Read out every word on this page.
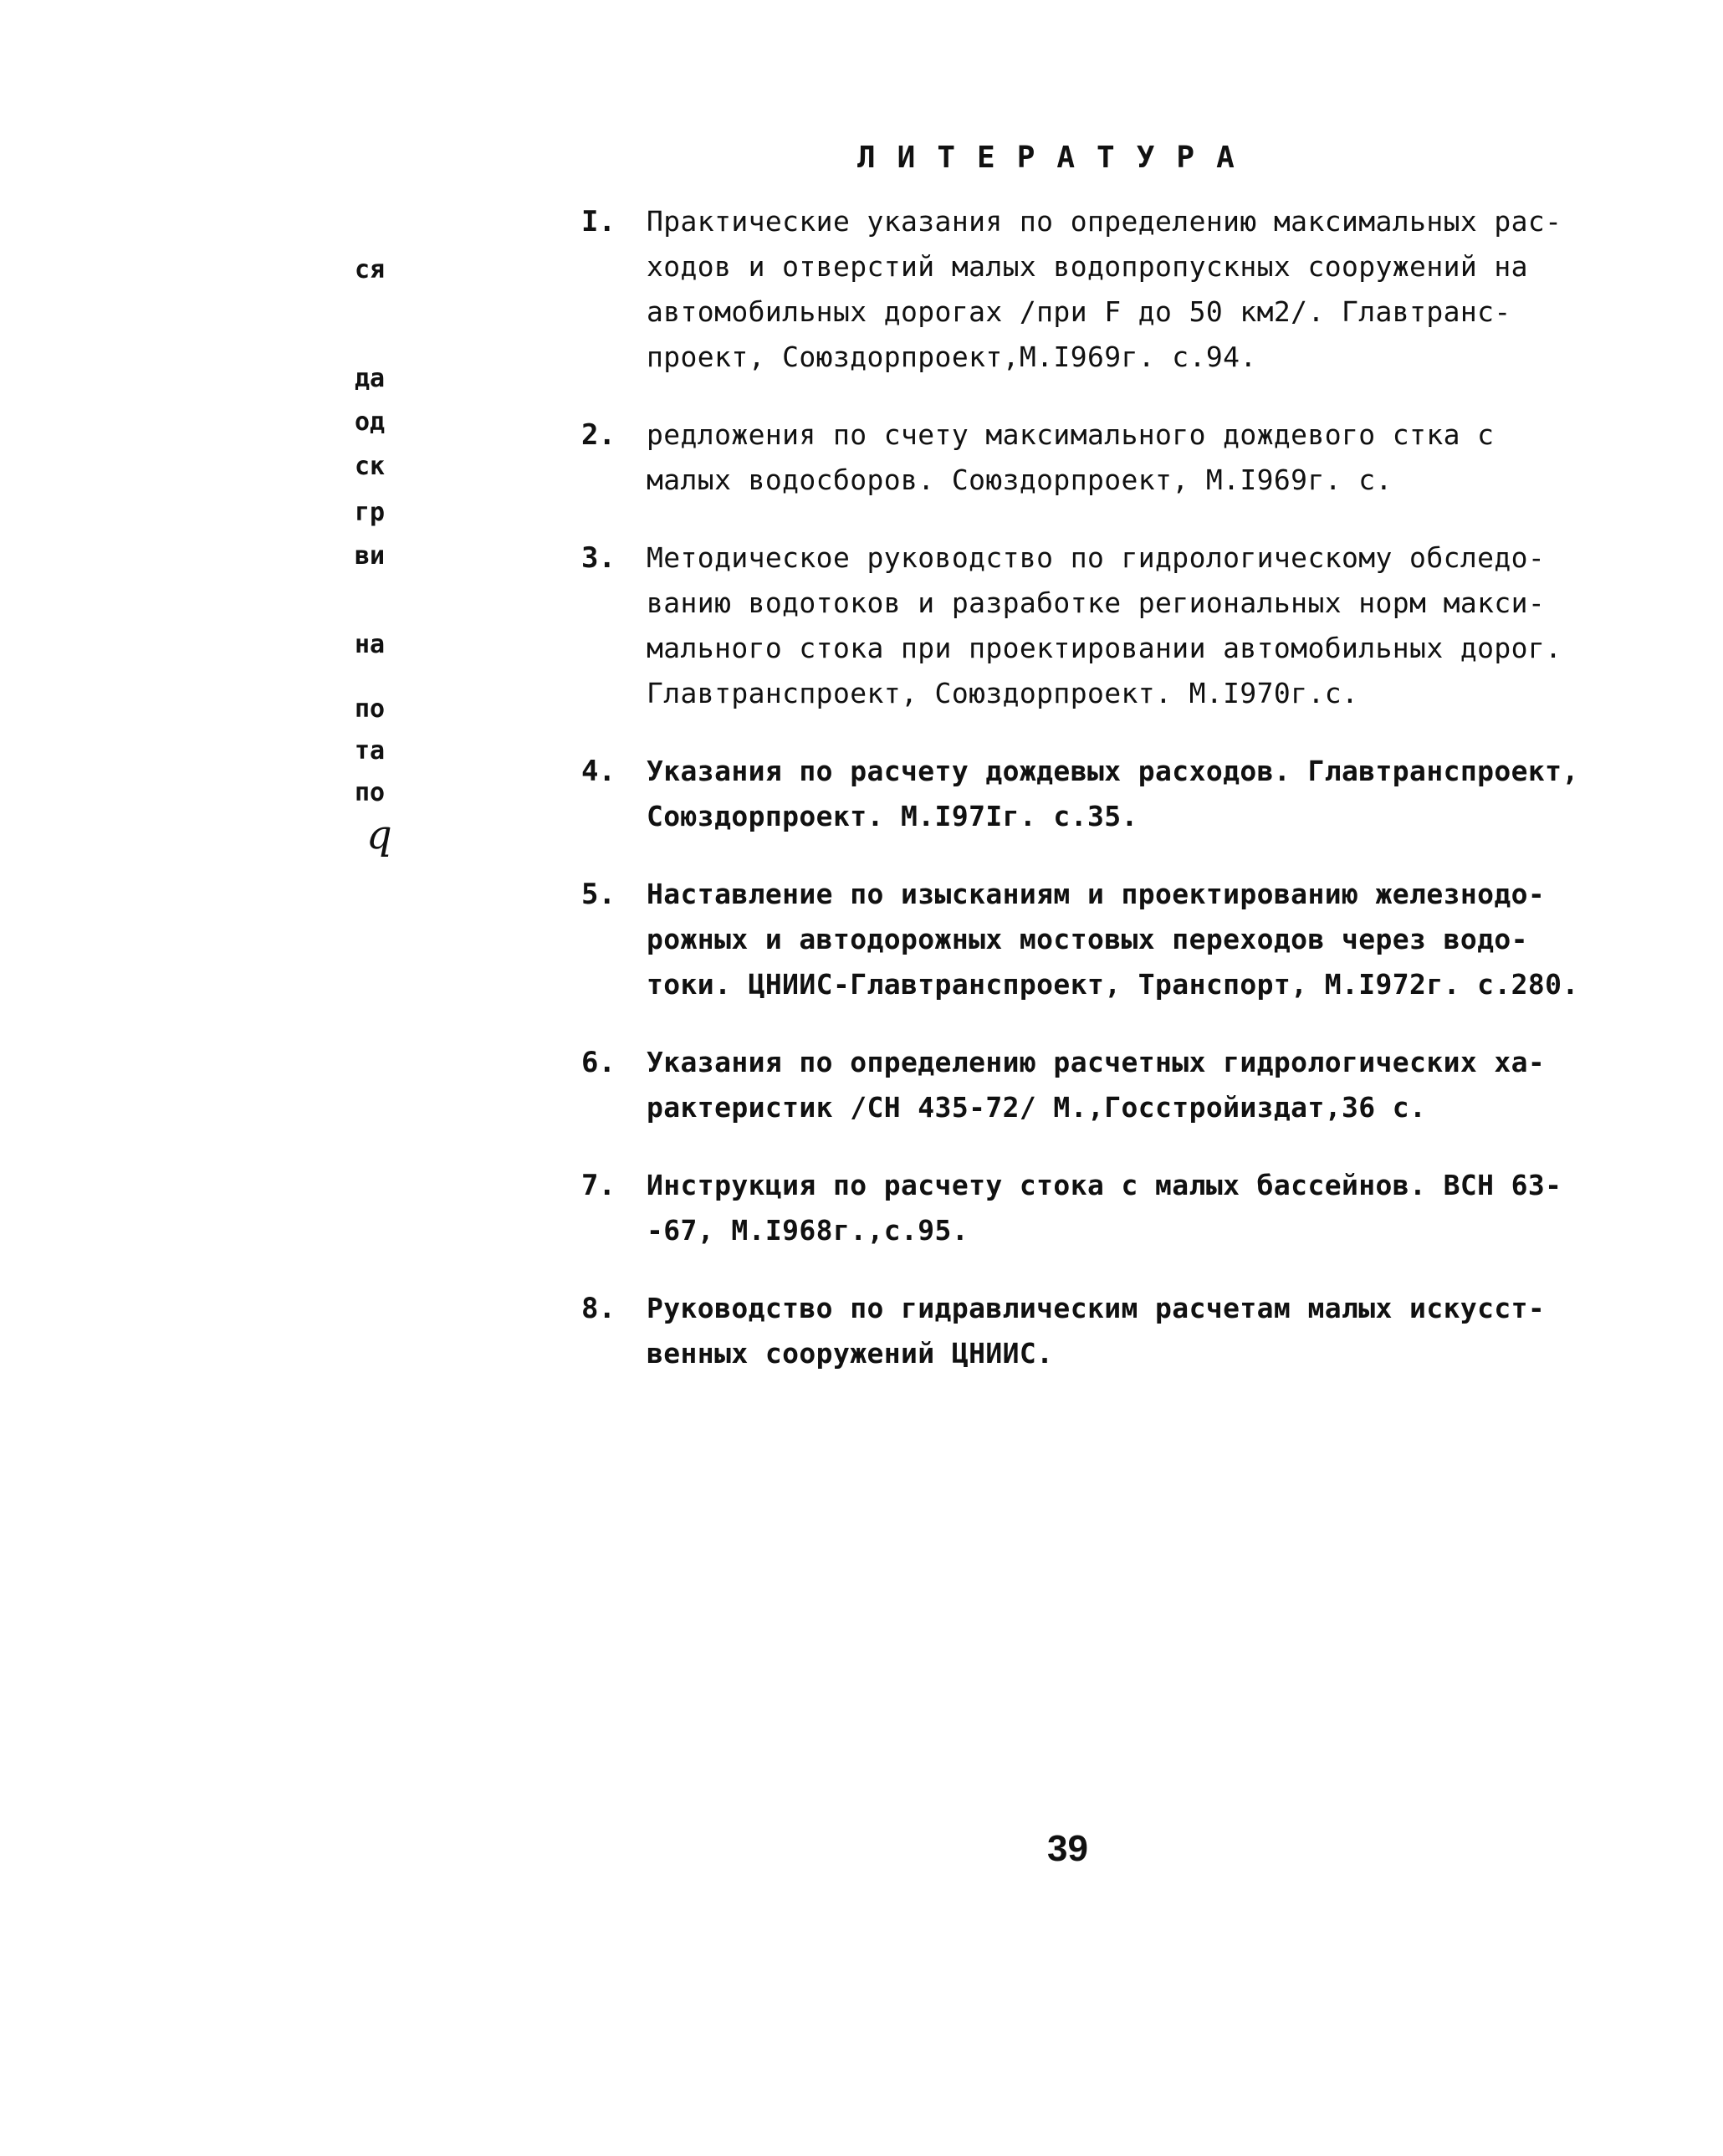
ЛИТЕРАТУРА
ся
да
од
ск
гр
ви
на
по
та
по
q
I.	Практические указания по определению максимальных рас-
ходов и отверстий малых водопропускных сооружений на
автомобильных дорогах /при F до 50 км2/. Главтранс-
проект, Союздорпроект,М.I969г. с.94.
2.	редложения по счету максимального дождевого стка с
малых водосборов. Союздорпроект, М.I969г. с.
3.	Методическое руководство по гидрологическому обследо-
ванию водотоков и разработке региональных норм макси-
мального стока при проектировании автомобильных дорог.
Главтранспроект, Союздорпроект. М.I970г.с.
4.	Указания по расчету дождевых расходов. Главтранспроект,
Союздорпроект. М.I97Iг. с.35.
5.	Наставление по изысканиям и проектированию железнодо-
рожных и автодорожных мостовых переходов через водо-
токи. ЦНИИС-Главтранспроект, Транспорт, М.I972г. с.280.
6.	Указания по определению расчетных гидрологических ха-
рактеристик /СН 435-72/ М.,Госстройиздат,36 с.
7.	Инструкция по расчету стока с малых бассейнов. ВСН 63-
-67, М.I968г.,с.95.
8.	Руководство по гидравлическим расчетам малых искусст-
венных сооружений ЦНИИС.
39
